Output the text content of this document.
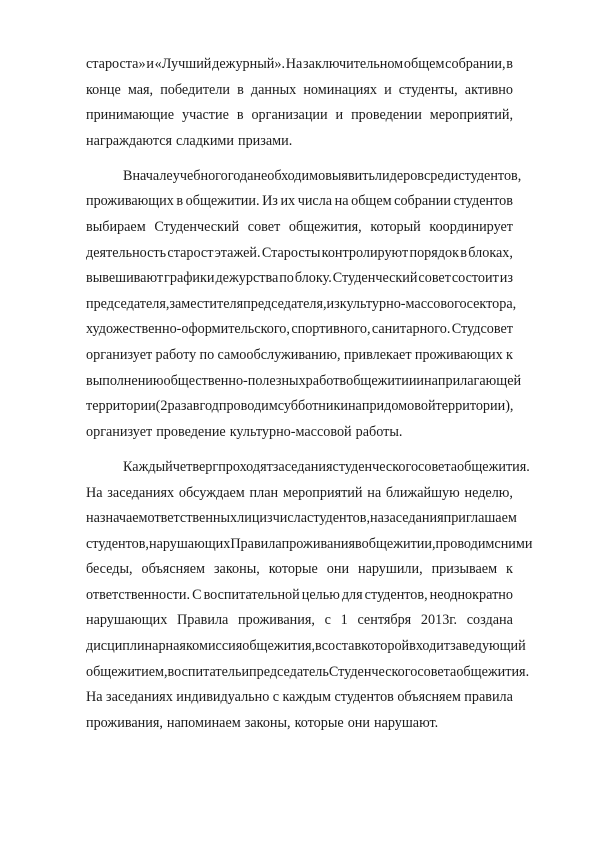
староста» и «Лучший дежурный». На заключительном общем собрании, в
конце мая, победители в данных номинациях и студенты, активно
принимающие участие в организации и проведении мероприятий,
награждаются сладкими призами.
В начале учебного года необходимо выявить лидеров среди студентов,
проживающих в общежитии. Из их числа на общем собрании студентов
выбираем Студенческий совет общежития, который координирует
деятельность старост этажей. Старосты контролируют порядок в блоках,
вывешивают графики дежурства по блоку. Студенческий совет состоит из
председателя, заместителя председателя, из культурно-массового сектора,
художественно-оформительского, спортивного, санитарного. Студсовет
организует работу по самообслуживанию, привлекает проживающих к
выполнению общественно-полезных работ в общежитии и на прилагающей
территории (2 раза в год проводим субботники на придомовой территории),
организует проведение культурно-массовой работы.
Каждый четверг проходят заседания студенческого совета общежития.
На заседаниях обсуждаем план мероприятий на ближайшую неделю,
назначаем ответственных лиц из числа студентов, на заседания приглашаем
студентов, нарушающих Правила проживания в общежитии, проводим с ними
беседы, объясняем законы, которые они нарушили, призываем к
ответственности. С воспитательной целью для студентов, неоднократно
нарушающих Правила проживания, с 1 сентября 2013г. создана
дисциплинарная комиссия общежития, в состав которой входит заведующий
общежитием, воспитатель и председатель Студенческого совета общежития.
На заседаниях индивидуально с каждым студентов объясняем правила
проживания, напоминаем законы, которые они нарушают.
